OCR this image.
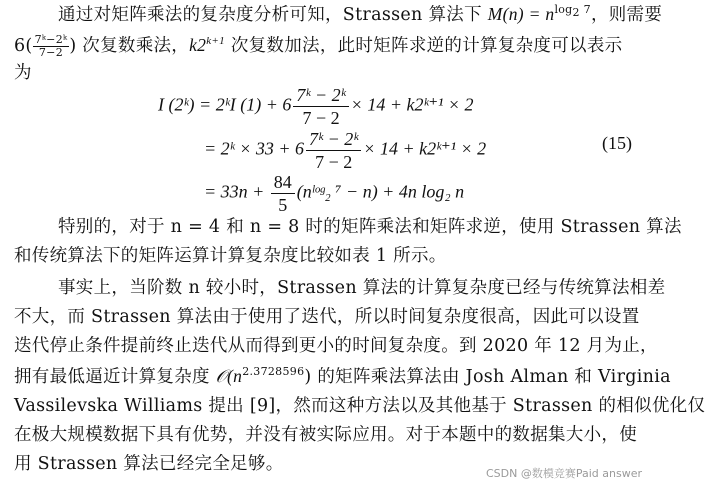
通过对矩阵乘法的复杂度分析可知，Strassen 算法下 $M(n) = n^{log_2 7}$，则需要
$6( \frac{\text{7ᵏ−2ᵏ}}{7-2}$ ) 次复数乘法，$k2^{k+1}$ 次复数加法，此时矩阵求逆的计算复杂度可以表示
为
I (2ᵏ) = 2ᵏI $(1) + 6 \frac{\text{7ᵏ − 2ᵏ}}{7 - 2} \times 14$ + k2ᵏ⁺¹ × 2
= 2ᵏ × $33 + 6 \frac{\text{7ᵏ − 2ᵏ}}{7 - 2} \times 14$ + k2ᵏ⁺¹ × 2	(15)
= $33n + \frac{84}{5}$ (nˡᵒᵍ₂ ⁷ − n) + 4n log₂ n
特别的，对于 n = 4 和 n = 8 时的矩阵乘法和矩阵求逆，使用 Strassen 算法
和传统算法下的矩阵运算计算复杂度比较如表 1 所示。
事实上，当阶数 n 较小时，Strassen 算法的计算复杂度已经与传统算法相差
不大，而 Strassen 算法由于使用了迭代，所以时间复杂度很高，因此可以设置
迭代停止条件提前终止迭代从而得到更小的时间复杂度。到 2020 年 12 月为止，
拥有最低逼近计算复杂度 $𝒪(n^{2.3728596})$ 的矩阵乘法算法由 Josh Alman 和 Virginia
Vassilevska Williams 提出 [9]，然而这种方法以及其他基于 Strassen 的相似优化仅
在极大规模数据下具有优势，并没有被实际应用。对于本题中的数据集大小，使
用 Strassen 算法已经完全足够。	CSDN @数模竞赛Paid answer
